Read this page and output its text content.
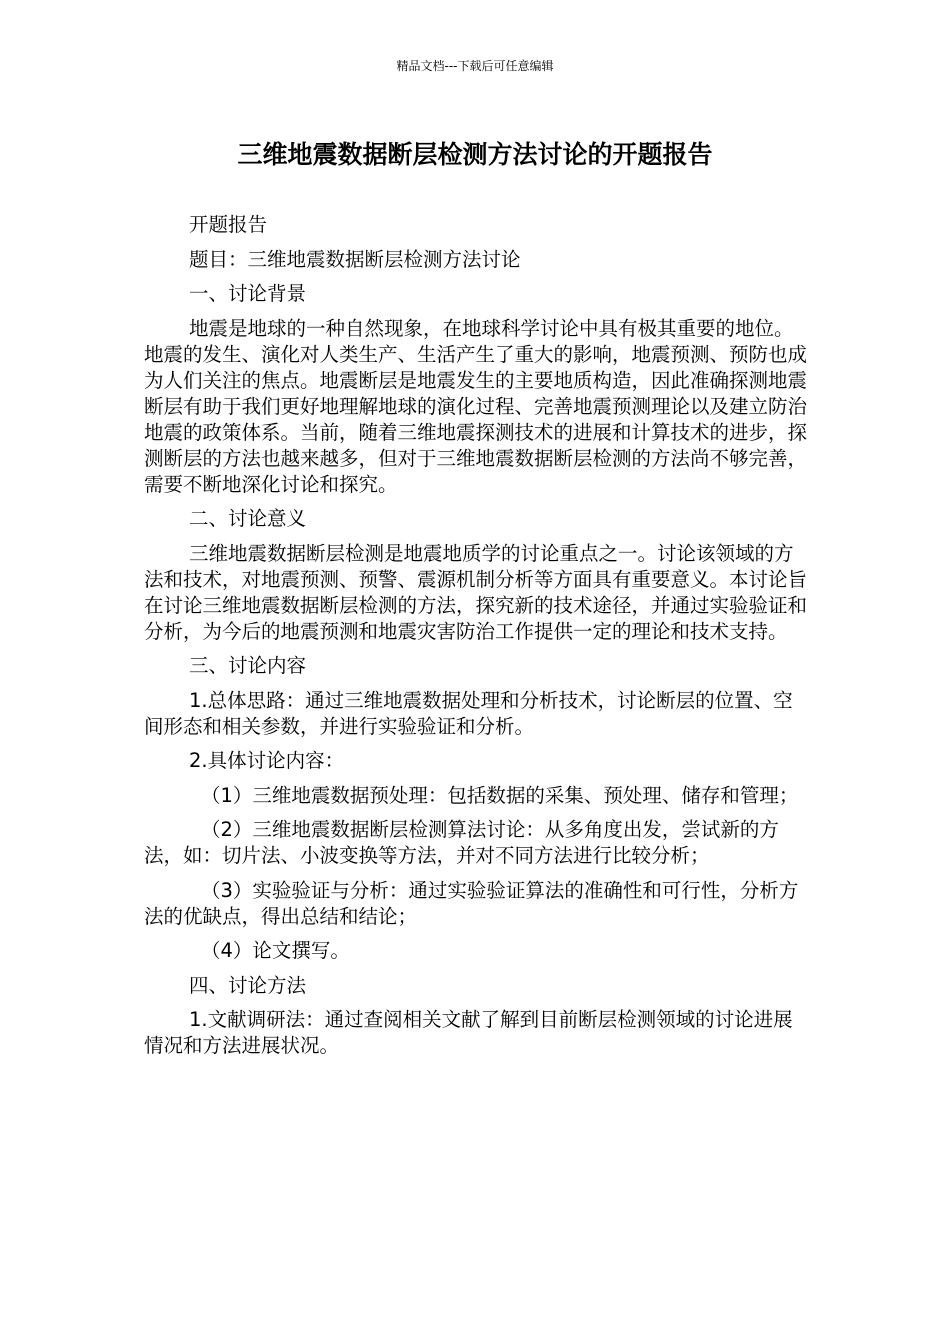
精品文档---下载后可任意编辑
三维地震数据断层检测方法讨论的开题报告

开题报告

题目：三维地震数据断层检测方法讨论

一、讨论背景

地震是地球的一种自然现象，在地球科学讨论中具有极其重要的地位。地震的发生、演化对人类生产、生活产生了重大的影响，地震预测、预防也成为人们关注的焦点。地震断层是地震发生的主要地质构造，因此准确探测地震断层有助于我们更好地理解地球的演化过程、完善地震预测理论以及建立防治地震的政策体系。当前，随着三维地震探测技术的进展和计算技术的进步，探测断层的方法也越来越多，但对于三维地震数据断层检测的方法尚不够完善，需要不断地深化讨论和探究。

二、讨论意义

三维地震数据断层检测是地震地质学的讨论重点之一。讨论该领域的方法和技术，对地震预测、预警、震源机制分析等方面具有重要意义。本讨论旨在讨论三维地震数据断层检测的方法，探究新的技术途径，并通过实验验证和分析，为今后的地震预测和地震灾害防治工作提供一定的理论和技术支持。

三、讨论内容

1.总体思路：通过三维地震数据处理和分析技术，讨论断层的位置、空间形态和相关参数，并进行实验验证和分析。

2.具体讨论内容：

（1）三维地震数据预处理：包括数据的采集、预处理、储存和管理；

（2）三维地震数据断层检测算法讨论：从多角度出发，尝试新的方法，如：切片法、小波变换等方法，并对不同方法进行比较分析；

（3）实验验证与分析：通过实验验证算法的准确性和可行性，分析方法的优缺点，得出总结和结论；

（4）论文撰写。

四、讨论方法

1.文献调研法：通过查阅相关文献了解到目前断层检测领域的讨论进展情况和方法进展状况。
